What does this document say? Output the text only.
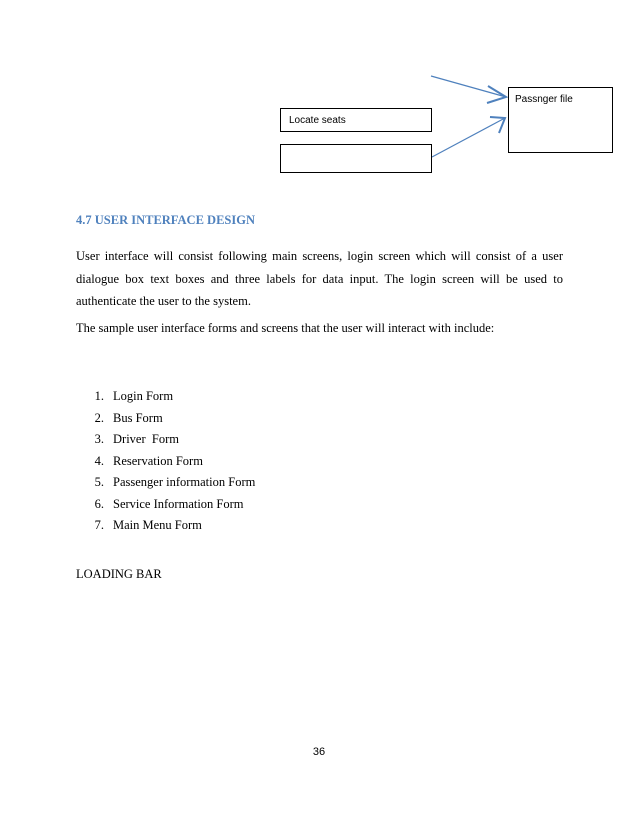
Locate seats
Passnger file
4.7 USER INTERFACE DESIGN
User interface will consist following main screens, login screen which will consist of a user dialogue box text boxes and three labels for data input. The login screen will be used to authenticate the user to the system.
The sample user interface forms and screens that the user will interact with include:
1. Login Form
2. Bus Form
3. Driver  Form
4. Reservation Form
5. Passenger information Form
6. Service Information Form
7. Main Menu Form
LOADING BAR
36
